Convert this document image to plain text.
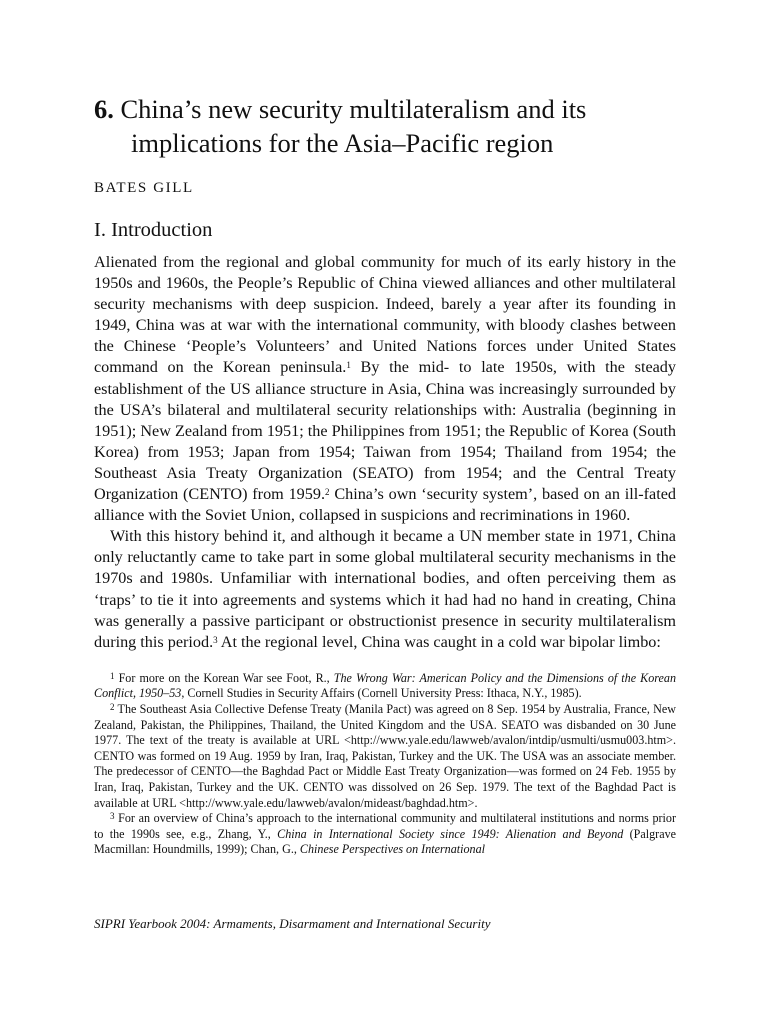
6. China’s new security multilateralism and its implications for the Asia–Pacific region
BATES GILL
I. Introduction

Alienated from the regional and global community for much of its early history in the 1950s and 1960s, the People’s Republic of China viewed alliances and other multilateral security mechanisms with deep suspicion. Indeed, barely a year after its founding in 1949, China was at war with the international community, with bloody clashes between the Chinese ‘People’s Volunteers’ and United Nations forces under United States command on the Korean peninsula.$^1$ By the mid- to late 1950s, with the steady establishment of the US alliance structure in Asia, China was increasingly surrounded by the USA’s bilateral and multilateral security relationships with: Australia (beginning in 1951); New Zealand from 1951; the Philippines from 1951; the Republic of Korea (South Korea) from 1953; Japan from 1954; Taiwan from 1954; Thailand from 1954; the Southeast Asia Treaty Organization (SEATO) from 1954; and the Central Treaty Organization (CENTO) from 1959.$^2$ China’s own ‘security system’, based on an ill-fated alliance with the Soviet Union, collapsed in suspicions and recriminations in 1960.

With this history behind it, and although it became a UN member state in 1971, China only reluctantly came to take part in some global multilateral security mechanisms in the 1970s and 1980s. Unfamiliar with international bodies, and often perceiving them as ‘traps’ to tie it into agreements and systems which it had had no hand in creating, China was generally a passive participant or obstructionist presence in security multilateralism during this period.$^3$ At the regional level, China was caught in a cold war bipolar limbo:

$^1$ For more on the Korean War see Foot, R., The Wrong War: American Policy and the Dimensions of the Korean Conflict, 1950–53, Cornell Studies in Security Affairs (Cornell University Press: Ithaca, N.Y., 1985).

$^2$ The Southeast Asia Collective Defense Treaty (Manila Pact) was agreed on 8 Sep. 1954 by Australia, France, New Zealand, Pakistan, the Philippines, Thailand, the United Kingdom and the USA. SEATO was disbanded on 30 June 1977. The text of the treaty is available at URL <http://www.yale.edu/lawweb/avalon/intdip/usmulti/usmu003.htm>. CENTO was formed on 19 Aug. 1959 by Iran, Iraq, Pakistan, Turkey and the UK. The USA was an associate member. The predecessor of CENTO—the Baghdad Pact or Middle East Treaty Organization—was formed on 24 Feb. 1955 by Iran, Iraq, Pakistan, Turkey and the UK. CENTO was dissolved on 26 Sep. 1979. The text of the Baghdad Pact is available at URL <http://www.yale.edu/lawweb/avalon/mideast/baghdad.htm>.

$^3$ For an overview of China’s approach to the international community and multilateral institutions and norms prior to the 1990s see, e.g., Zhang, Y., China in International Society since 1949: Alienation and Beyond (Palgrave Macmillan: Houndmills, 1999); Chan, G., Chinese Perspectives on International

SIPRI Yearbook 2004: Armaments, Disarmament and International Security
